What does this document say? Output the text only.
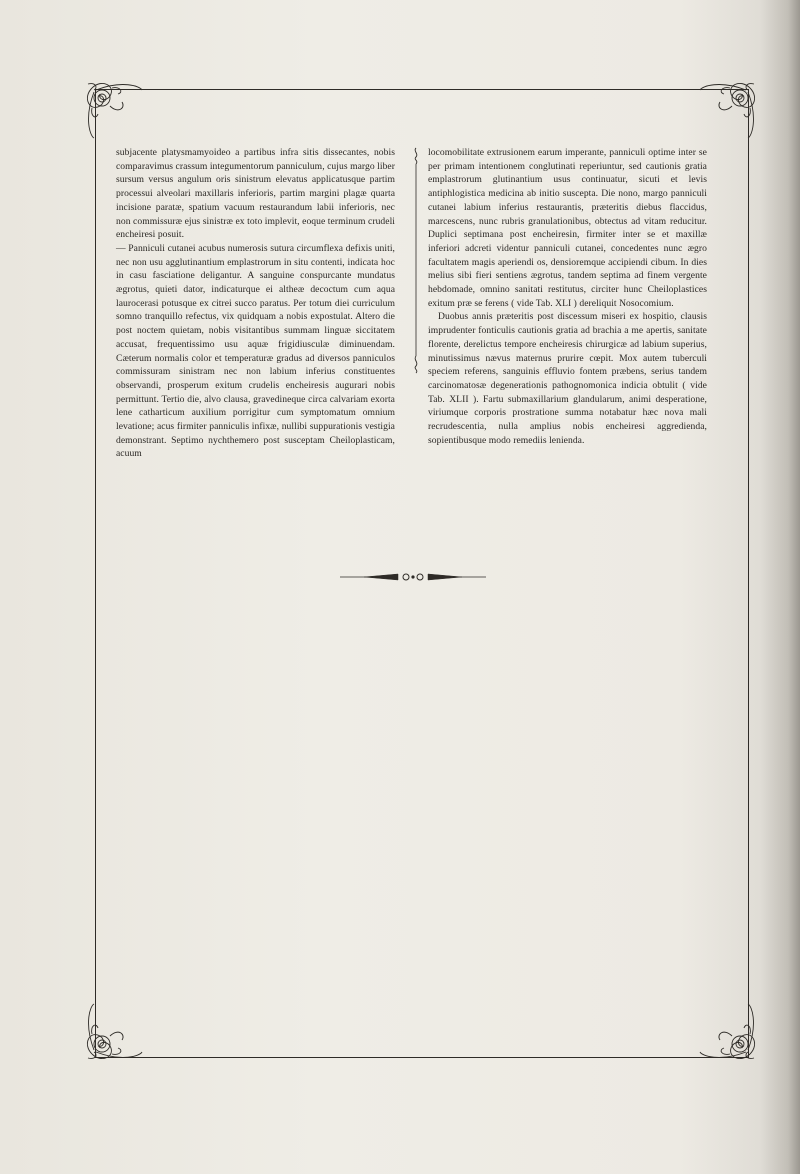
subjacente platysmamyoideo a partibus infra sitis dissecantes, nobis comparavimus crassum integumentorum panniculum, cujus margo liber sursum versus angulum oris sinistrum elevatus applicatusque partim processui alveolari maxillaris inferioris, partim margini plagæ quarta incisione paratæ, spatium vacuum restaurandum labii inferioris, nec non commissuræ ejus sinistræ ex toto implevit, eoque terminum crudeli encheiresi posuit.

— Panniculi cutanei acubus numerosis sutura circumflexa defixis uniti, nec non usu agglutinantium emplastrorum in situ contenti, indicata hoc in casu fasciatione deligantur. A sanguine conspurcante mundatus ægrotus, quieti dator, indicaturque ei altheæ decoctum cum aqua laurocerasi potusque ex citrei succo paratus. Per totum diei curriculum somno tranquillo refectus, vix quidquam a nobis expostulat. Altero die post noctem quietam, nobis visitantibus summam linguæ siccitatem accusat, frequentissimo usu aquæ frigidiusculæ diminuendam. Cæterum normalis color et temperaturæ gradus ad diversos panniculos commissuram sinistram nec non labium inferius constituentes observandi, prosperum exitum crudelis encheiresis augurari nobis permittunt. Tertio die, alvo clausa, gravedineque circa calvariam exorta lene catharticum auxilium porrigitur cum symptomatum omnium levatione; acus firmiter panniculis infixæ, nullibi suppurationis vestigia demonstrant. Septimo nychthemero post susceptam Cheiloplasticam, acuum

locomobilitate extrusionem earum imperante, panniculi optime inter se per primam intentionem conglutinati reperiuntur, sed cautionis gratia emplastrorum glutinantium usus continuatur, sicuti et levis antiphlogistica medicina ab initio suscepta. Die nono, margo panniculi cutanei labium inferius restaurantis, præteritis diebus flaccidus, marcescens, nunc rubris granulationibus, obtectus ad vitam reducitur. Duplici septimana post encheiresin, firmiter inter se et maxillæ inferiori adcreti videntur panniculi cutanei, concedentes nunc ægro facultatem magis aperiendi os, densioremque accipiendi cibum. In dies melius sibi fieri sentiens ægrotus, tandem septima ad finem vergente hebdomade, omnino sanitati restitutus, circiter hunc Cheiloplastices exitum præ se ferens ( vide Tab. XLI ) dereliquit Nosocomium.

Duobus annis præteritis post discessum miseri ex hospitio, clausis imprudenter fonticulis cautionis gratia ad brachia a me apertis, sanitate florente, derelictus tempore encheiresis chirurgicæ ad labium superius, minutissimus nævus maternus prurire cœpit. Mox autem tuberculi speciem referens, sanguinis effluvio fontem præbens, serius tandem carcinomatosæ degenerationis pathognomonica indicia obtulit ( vide Tab. XLII ). Fartu submaxillarium glandularum, animi desperatione, viriumque corporis prostratione summa notabatur hæc nova mali recrudescentia, nulla amplius nobis encheiresi aggredienda, sopientibusque modo remediis lenienda.
